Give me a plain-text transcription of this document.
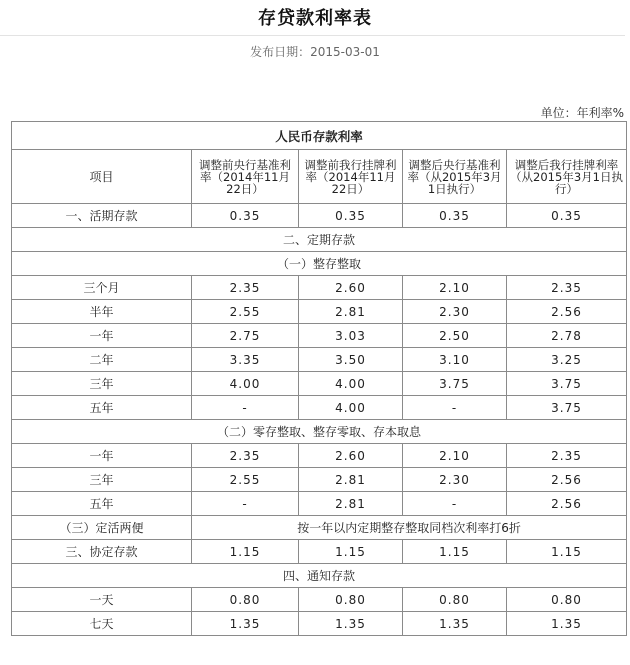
存贷款利率表
发布日期：2015-03-01
单位：年利率%
人民币存款利率				
项目	调整前央行基准利率（2014年11月22日）	调整前我行挂牌利率（2014年11月22日）	调整后央行基准利率（从2015年3月1日执行）	调整后我行挂牌利率（从2015年3月1日执行）
一、活期存款	0.35	0.35	0.35	0.35
二、定期存款				
（一）整存整取				
三个月	2.35	2.60	2.10	2.35
半年	2.55	2.81	2.30	2.56
一年	2.75	3.03	2.50	2.78
二年	3.35	3.50	3.10	3.25
三年	4.00	4.00	3.75	3.75
五年	-	4.00	-	3.75
（二）零存整取、整存零取、存本取息				
一年	2.35	2.60	2.10	2.35
三年	2.55	2.81	2.30	2.56
五年	-	2.81	-	2.56
（三）定活两便	按一年以内定期整存整取同档次利率打6折			
三、协定存款	1.15	1.15	1.15	1.15
四、通知存款				
一天	0.80	0.80	0.80	0.80
七天	1.35	1.35	1.35	1.35
